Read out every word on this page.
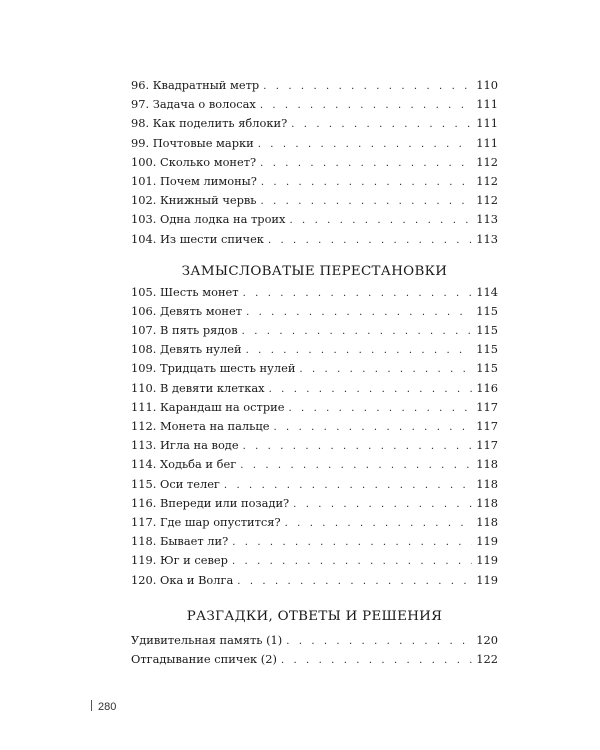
96. Квадратный метр . . .	110
97. Задача о волосах . . .	111
98. Как поделить яблоки? . . .	111
99. Почтовые марки . . .	111
100. Сколько монет? . . .	112
101. Почем лимоны? . . .	112
102. Книжный червь . . .	112
103. Одна лодка на троих . . .	113
104. Из шести спичек . . .	113
ЗАМЫСЛОВАТЫЕ ПЕРЕСТАНОВКИ
105. Шесть монет . . .	114
106. Девять монет . . .	115
107. В пять рядов . . .	115
108. Девять нулей . . .	115
109. Тридцать шесть нулей . . .	115
110. В девяти клетках . . .	116
111. Карандаш на острие . . .	117
112. Монета на пальце . . .	117
113. Игла на воде . . .	117
114. Ходьба и бег . . .	118
115. Оси телег . . .	118
116. Впереди или позади? . . .	118
117. Где шар опустится? . . .	118
118. Бывает ли? . . .	119
119. Юг и север . . .	119
120. Ока и Волга . . .	119
РАЗГАДКИ, ОТВЕТЫ И РЕШЕНИЯ
Удивительная память (1) . . .	120
Отгадывание спичек (2) . . .	122
280
